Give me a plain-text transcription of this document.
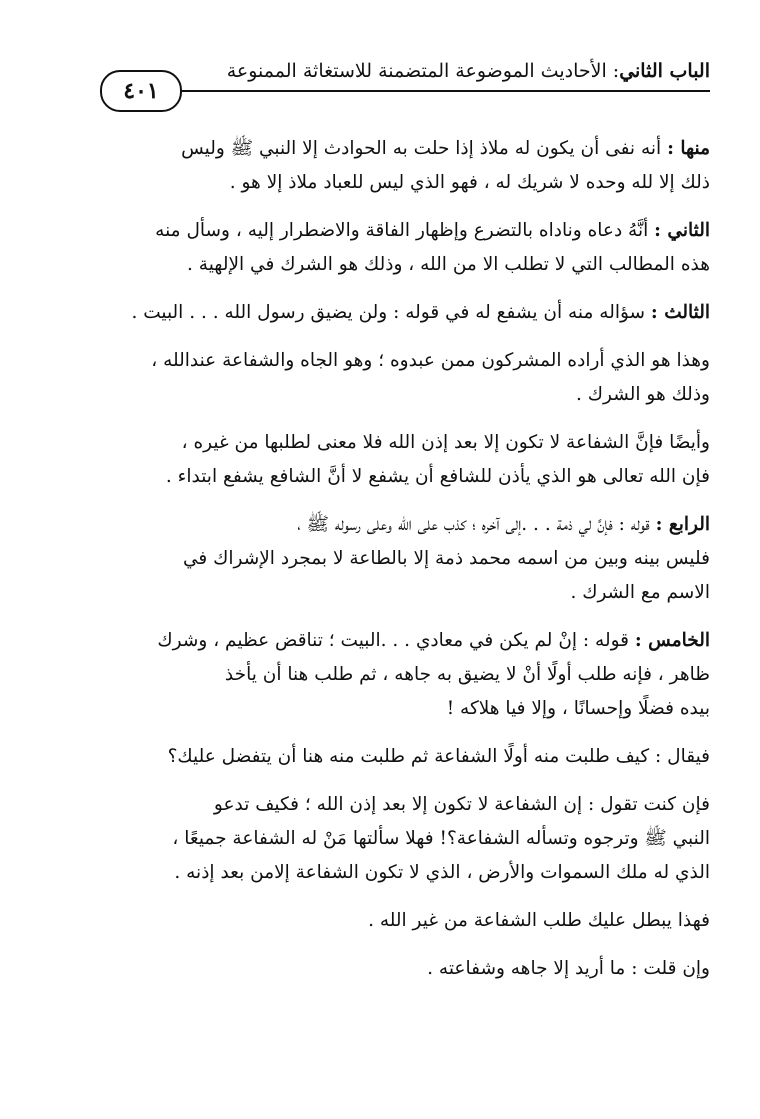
الباب الثاني: الأحاديث الموضوعة المتضمنة للاستغاثة الممنوعة
٤٠١

منها : أنه نفى أن يكون له ملاذ إذا حلت به الحوادث إلا النبي ﷺ وليس
ذلك إلا لله وحده لا شريك له ، فهو الذي ليس للعباد ملاذ إلا هو .

الثاني : أنَّهُ دعاه وناداه بالتضرع وإظهار الفاقة والاضطرار إليه ، وسأل منه
هذه المطالب التي لا تطلب الا من الله ، وذلك هو الشرك في الإلهية .

الثالث : سؤاله منه أن يشفع له في قوله : ولن يضيق رسول الله . . . البيت .

وهذا هو الذي أراده المشركون ممن عبدوه ؛ وهو الجاه والشفاعة عندالله ،
وذلك هو الشرك .

وأيضًا فإنَّ الشفاعة لا تكون إلا بعد إذن الله فلا معنى لطلبها من غيره ،
فإن الله تعالى هو الذي يأذن للشافع أن يشفع لا أنَّ الشافع يشفع ابتداء .

الرابع : قوله : فإنَّ لي ذمة . . .إلى آخره ؛ كذب على الله وعلى رسوله ﷺ ،
فليس بينه وبين من اسمه محمد ذمة إلا بالطاعة لا بمجرد الإشراك في
الاسم مع الشرك .

الخامس : قوله : إنْ لم يكن في معادي . . .البيت ؛ تناقض عظيم ، وشرك
ظاهر ، فإنه طلب أولًا أنْ لا يضيق به جاهه ، ثم طلب هنا أن يأخذ
بيده فضلًا وإحسانًا ، وإلا فيا هلاكه !

فيقال : كيف طلبت منه أولًا الشفاعة ثم طلبت منه هنا أن يتفضل عليك؟

فإن كنت تقول : إن الشفاعة لا تكون إلا بعد إذن الله ؛ فكيف تدعو
النبي ﷺ وترجوه وتسأله الشفاعة؟! فهلا سألتها مَنْ له الشفاعة جميعًا ،
الذي له ملك السموات والأرض ، الذي لا تكون الشفاعة إلامن بعد إذنه .

فهذا يبطل عليك طلب الشفاعة من غير الله .

وإن قلت : ما أريد إلا جاهه وشفاعته .
